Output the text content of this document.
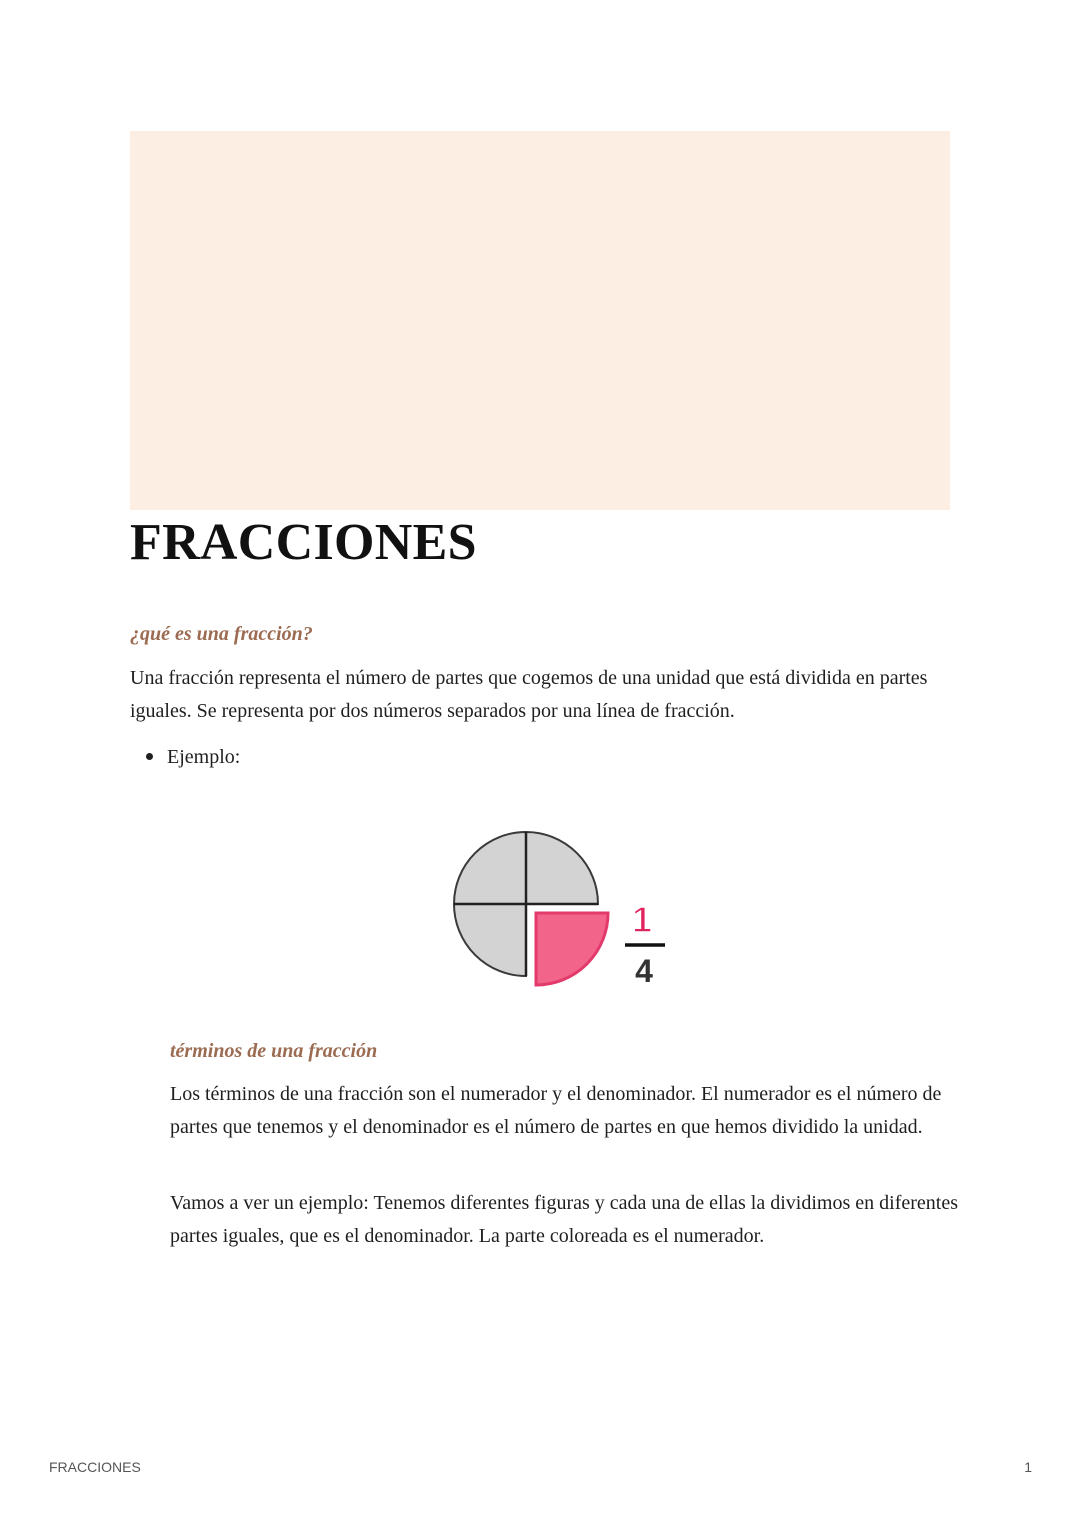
FRACCIONES
¿qué es una fracción?

Una fracción representa el número de partes que cogemos de una unidad que está dividida en partes iguales. Se representa por dos números separados por una línea de fracción.

Ejemplo:
1
4
términos de una fracción

Los términos de una fracción son el numerador y el denominador. El numerador es el número de partes que tenemos y el denominador es el número de partes en que hemos dividido la unidad.

Vamos a ver un ejemplo: Tenemos diferentes figuras y cada una de ellas la dividimos en diferentes partes iguales, que es el denominador. La parte coloreada es el numerador.

FRACCIONES	1
